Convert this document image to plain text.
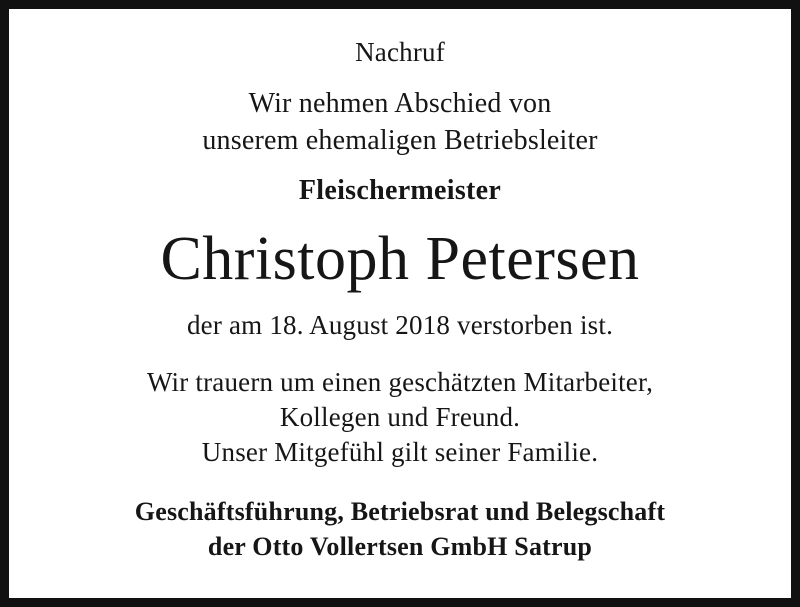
Nachruf
Wir nehmen Abschied von
unserem ehemaligen Betriebsleiter
Fleischermeister
Christoph Petersen
der am 18. August 2018 verstorben ist.
Wir trauern um einen geschätzten Mitarbeiter,
Kollegen und Freund.
Unser Mitgefühl gilt seiner Familie.
Geschäftsführung, Betriebsrat und Belegschaft
der Otto Vollertsen GmbH Satrup
